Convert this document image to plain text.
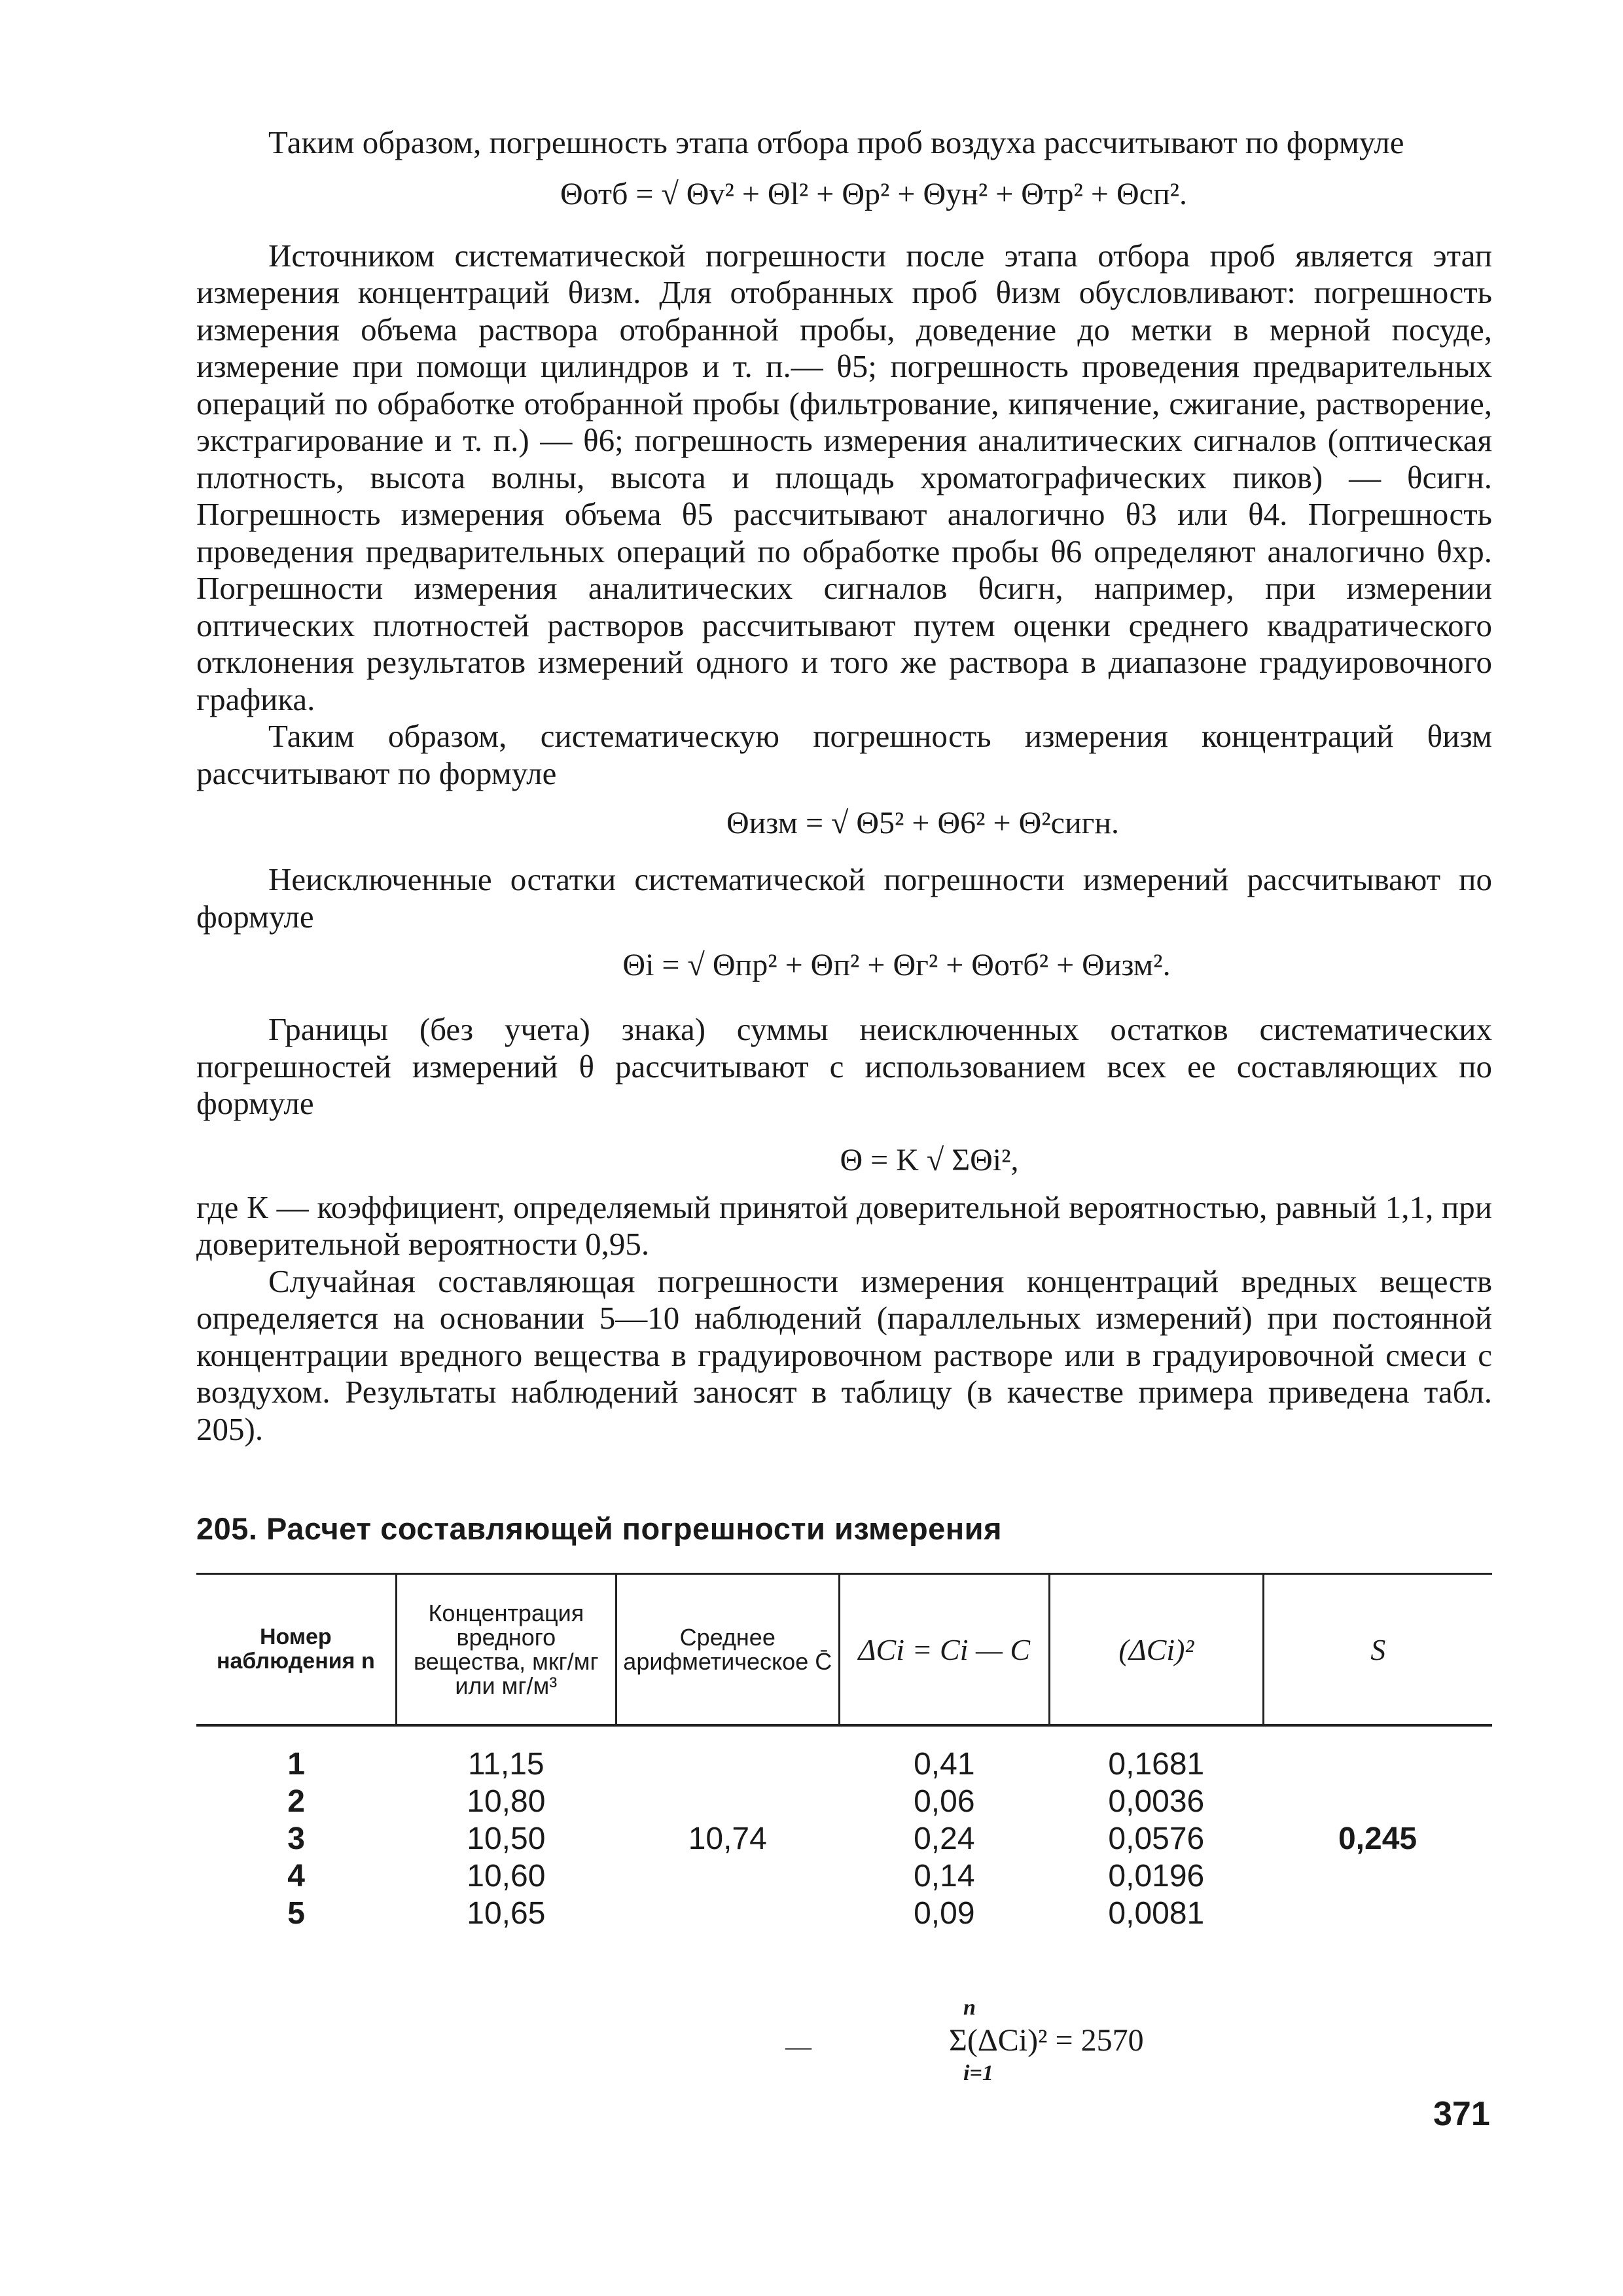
Таким образом, погрешность этапа отбора проб воздуха рассчитывают по формуле

Θотб = √ Θv² + Θl² + Θp² + Θун² + Θтр² + Θсп².

Источником систематической погрешности после этапа отбора проб является этап измерения концентраций θизм. Для отобранных проб θизм обусловливают: погрешность измерения объема раствора отобранной пробы, доведение до метки в мерной посуде, измерение при помощи цилиндров и т. п.— θ5; погрешность проведения предварительных операций по обработке отобранной пробы (фильтрование, кипячение, сжигание, растворение, экстрагирование и т. п.) — θ6; погрешность измерения аналитических сигналов (оптическая плотность, высота волны, высота и площадь хроматографических пиков) — θсигн. Погрешность измерения объема θ5 рассчитывают аналогично θ3 или θ4. Погрешность проведения предварительных операций по обработке пробы θ6 определяют аналогично θхр. Погрешности измерения аналитических сигналов θсигн, например, при измерении оптических плотностей растворов рассчитывают путем оценки среднего квадратического отклонения результатов измерений одного и того же раствора в диапазоне градуировочного графика.

Таким образом, систематическую погрешность измерения концентраций θизм рассчитывают по формуле

Θизм = √ Θ5² + Θ6² + Θ²сигн.

Неисключенные остатки систематической погрешности измерений рассчитывают по формуле

Θi = √ Θпр² + Θп² + Θг² + Θотб² + Θизм².

Границы (без учета) знака) суммы неисключенных остатков систематических погрешностей измерений θ рассчитывают с использованием всех ее составляющих по формуле

Θ = K √ ΣΘi²,

где К — коэффициент, определяемый принятой доверительной вероятностью, равный 1,1, при доверительной вероятности 0,95.

Случайная составляющая погрешности измерения концентраций вредных веществ определяется на основании 5—10 наблюдений (параллельных измерений) при постоянной концентрации вредного вещества в градуировочном растворе или в градуировочной смеси с воздухом. Результаты наблюдений заносят в таблицу (в качестве примера приведена табл. 205).

205. Расчет составляющей погрешности измерения
Номер наблюдения n	Концентрация вредного вещества, мкг/мг или мг/м³	Среднее арифметическое C̄	ΔCi = Ci — C	(ΔCi)²	S
1	11,15	10,74	0,41	0,1681	0,245
2	10,80		0,06	0,0036	
3	10,50		0,24	0,0576	
4	10,60		0,14	0,0196	
5	10,65		0,09	0,0081	
—
n
Σ(ΔCi)² = 2570
i=1
371
